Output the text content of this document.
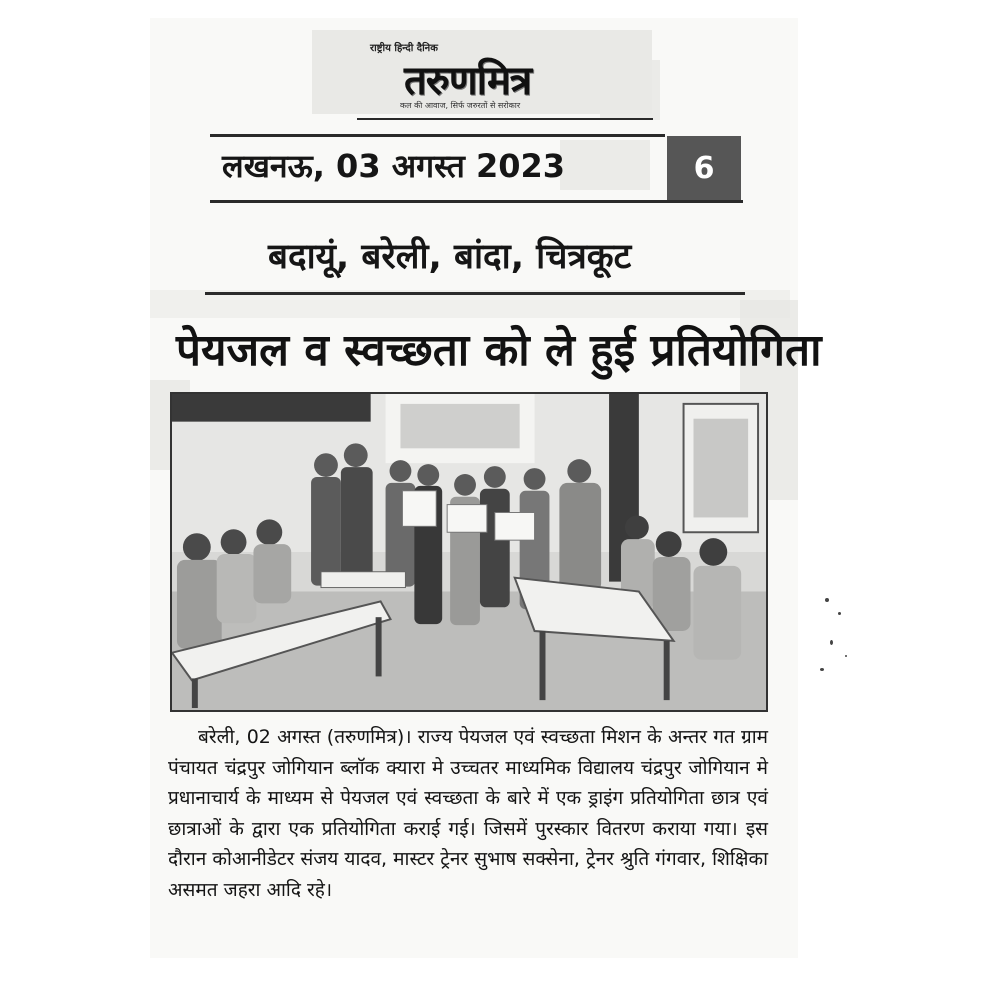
राष्ट्रीय हिन्दी दैनिक
तरुणमित्र
कल की आवाज, सिर्फ जरुरतों से सरोकार
लखनऊ, 03 अगस्त 2023	6
बदायूं, बरेली, बांदा, चित्रकूट
पेयजल व स्वच्छता को ले हुई प्रतियोगिता

बरेली, 02 अगस्त (तरुणमित्र)। राज्य पेयजल एवं स्वच्छता मिशन के अन्तर गत ग्राम पंचायत चंद्रपुर जोगियान ब्लॉक क्यारा मे उच्चतर माध्यमिक विद्यालय चंद्रपुर जोगियान मे प्रधानाचार्य के माध्यम से पेयजल एवं स्वच्छता के बारे में एक ड्राइंग प्रतियोगिता छात्र एवं छात्राओं के द्वारा एक प्रतियोगिता कराई गई। जिसमें पुरस्कार वितरण कराया गया। इस दौरान कोआनीडेटर संजय यादव, मास्टर ट्रेनर सुभाष सक्सेना, ट्रेनर श्रुति गंगवार, शिक्षिका असमत जहरा आदि रहे।
